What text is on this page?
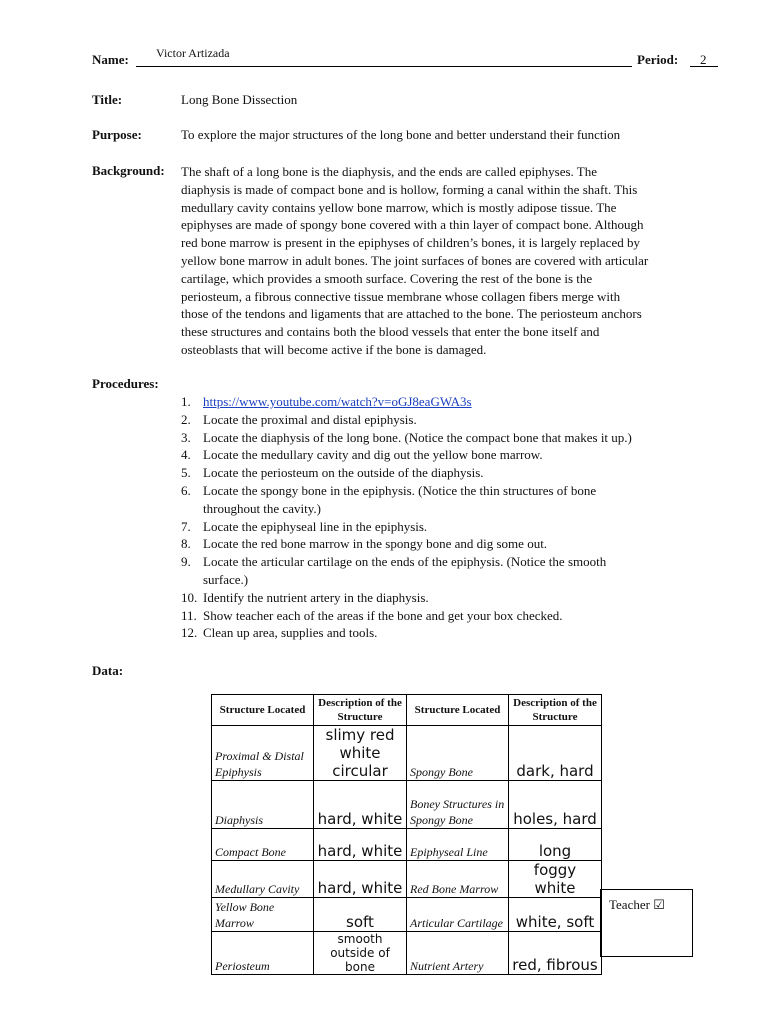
Name: Victor Artizada	Period: 2
Title:	Long Bone Dissection
Purpose:	To explore the major structures of the long bone and better understand their function
Background: The shaft of a long bone is the diaphysis, and the ends are called epiphyses. The
diaphysis is made of compact bone and is hollow, forming a canal within the shaft. This
medullary cavity contains yellow bone marrow, which is mostly adipose tissue. The
epiphyses are made of spongy bone covered with a thin layer of compact bone. Although
red bone marrow is present in the epiphyses of children’s bones, it is largely replaced by
yellow bone marrow in adult bones. The joint surfaces of bones are covered with articular
cartilage, which provides a smooth surface. Covering the rest of the bone is the
periosteum, a fibrous connective tissue membrane whose collagen fibers merge with
those of the tendons and ligaments that are attached to the bone. The periosteum anchors
these structures and contains both the blood vessels that enter the bone itself and
osteoblasts that will become active if the bone is damaged.
Procedures:
1. https://www.youtube.com/watch?v=oGJ8eaGWA3s
2. Locate the proximal and distal epiphysis.
3. Locate the diaphysis of the long bone. (Notice the compact bone that makes it up.)
4. Locate the medullary cavity and dig out the yellow bone marrow.
5. Locate the periosteum on the outside of the diaphysis.
6. Locate the spongy bone in the epiphysis. (Notice the thin structures of bone
throughout the cavity.)
7. Locate the epiphyseal line in the epiphysis.
8. Locate the red bone marrow in the spongy bone and dig some out.
9. Locate the articular cartilage on the ends of the epiphysis. (Notice the smooth
surface.)
10. Identify the nutrient artery in the diaphysis.
11. Show teacher each of the areas if the bone and get your box checked.
12. Clean up area, supplies and tools.
Data:
Structure Located	Description of the Structure	Structure Located	Description of the Structure
Proximal & Distal Epiphysis	slimy red white circular	Spongy Bone	dark, hard
Diaphysis	hard, white	Boney Structures in Spongy Bone	holes, hard
Compact Bone	hard, white	Epiphyseal Line	long
Medullary Cavity	hard, white	Red Bone Marrow	foggy white
Yellow Bone Marrow	soft	Articular Cartilage	white, soft
Periosteum	smooth outside of bone	Nutrient Artery	red, fibrous
Teacher ☑
